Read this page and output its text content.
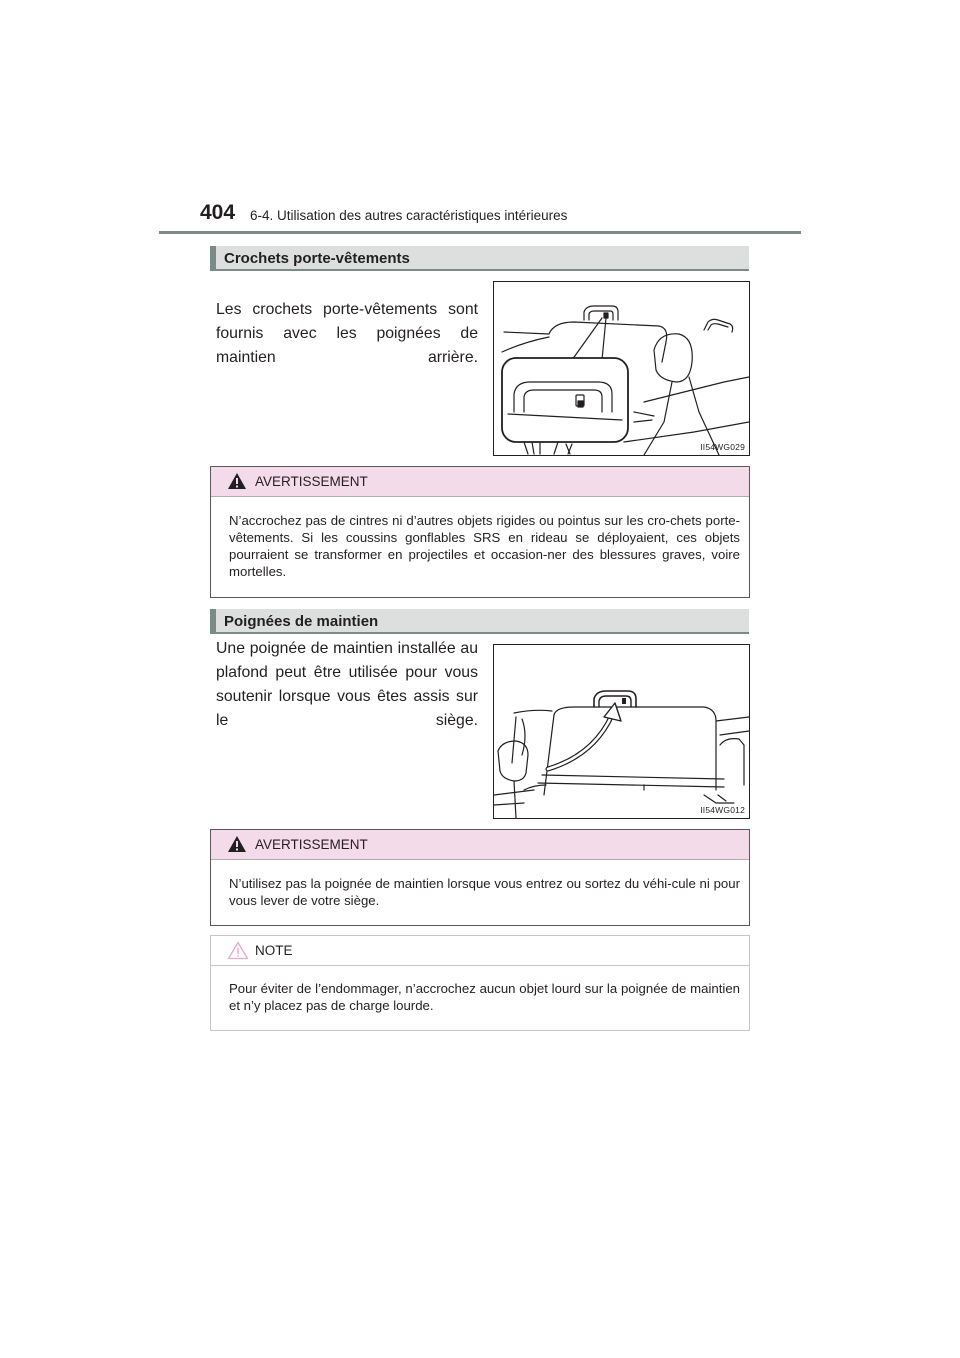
404 6-4. Utilisation des autres caractéristiques intérieures
Crochets porte-vêtements
Les crochets porte-vêtements sont fournis avec les poignées de maintien arrière.
II54WG029
AVERTISSEMENT
N’accrochez pas de cintres ni d’autres objets rigides ou pointus sur les cro-chets porte-vêtements. Si les coussins gonflables SRS en rideau se déployaient, ces objets pourraient se transformer en projectiles et occasion-ner des blessures graves, voire mortelles.
Poignées de maintien
Une poignée de maintien installée au plafond peut être utilisée pour vous soutenir lorsque vous êtes assis sur le siège.
II54WG012
AVERTISSEMENT
N’utilisez pas la poignée de maintien lorsque vous entrez ou sortez du véhi-cule ni pour vous lever de votre siège.
NOTE
Pour éviter de l’endommager, n’accrochez aucun objet lourd sur la poignée de maintien et n’y placez pas de charge lourde.
